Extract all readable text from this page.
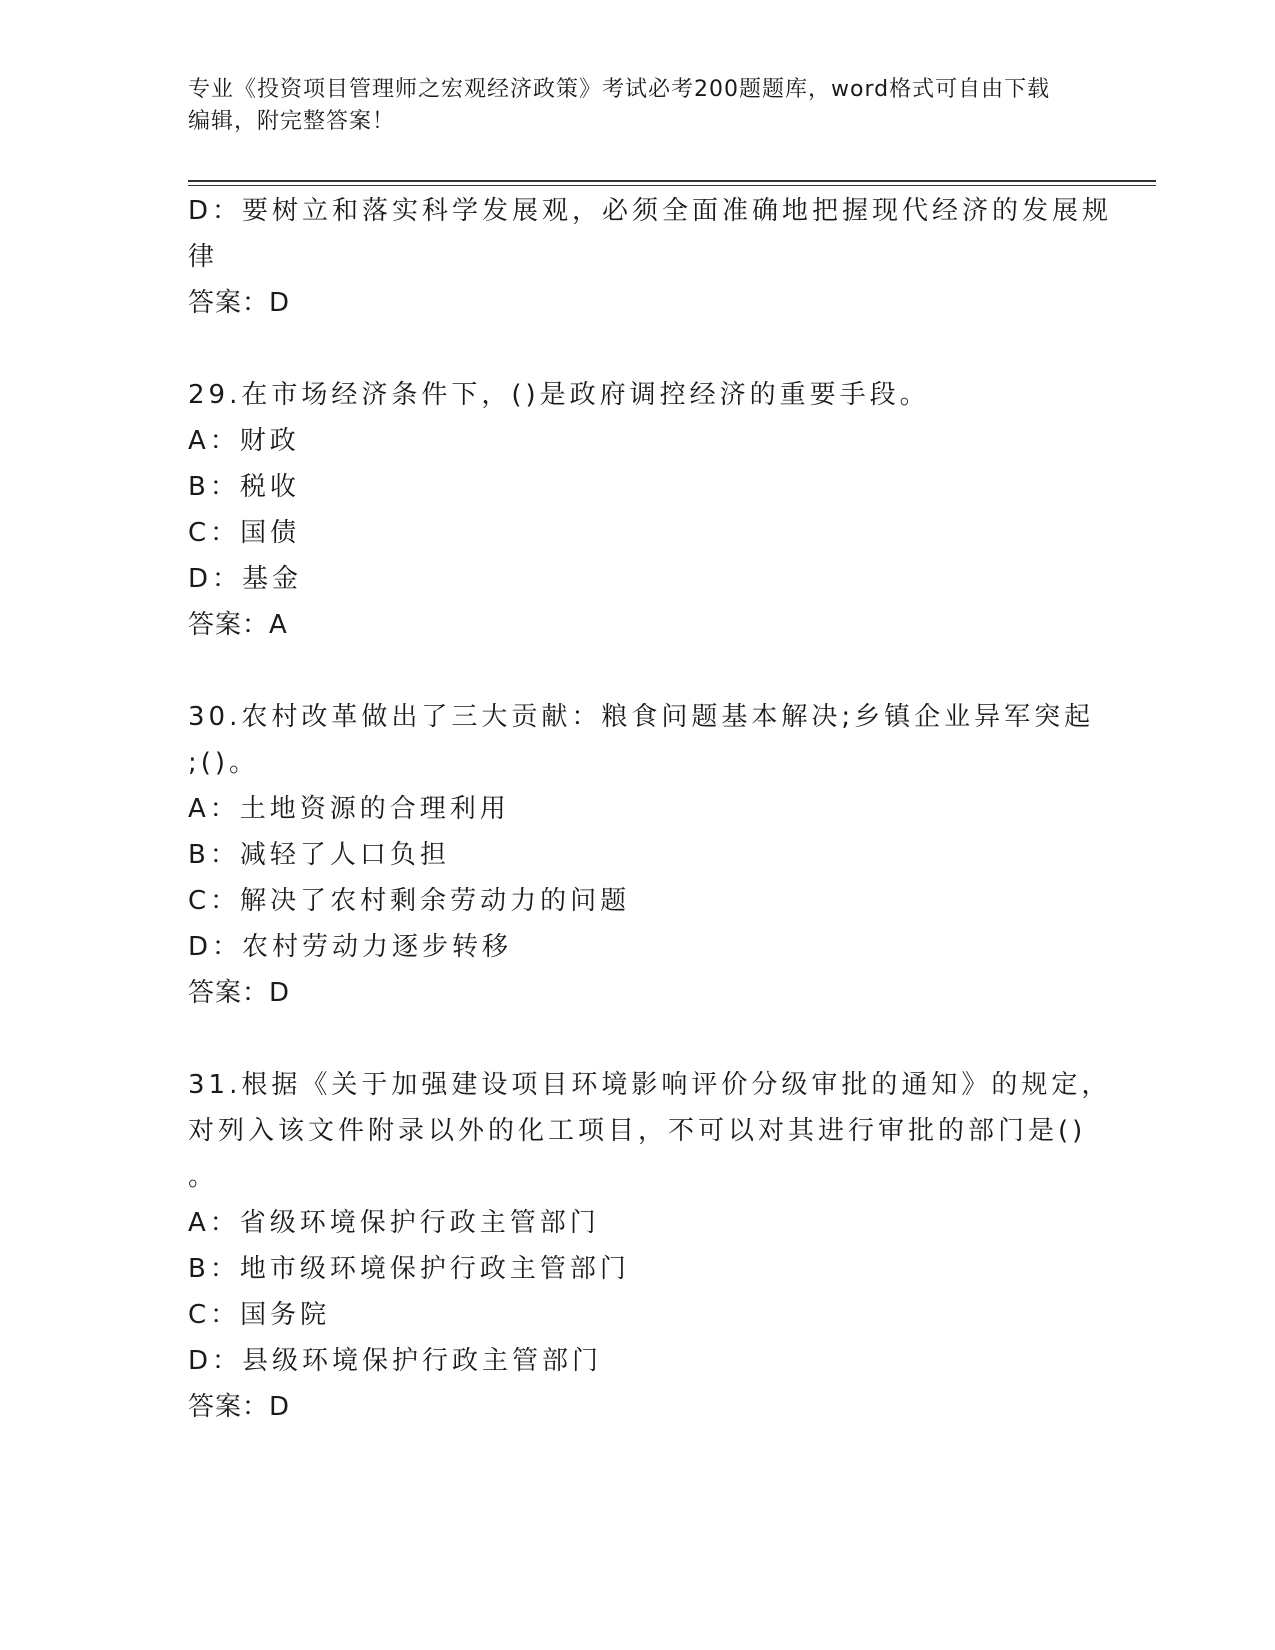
专业《投资项目管理师之宏观经济政策》考试必考200题题库，word格式可自由下载编辑，附完整答案！
D：要树立和落实科学发展观，必须全面准确地把握现代经济的发展规
律
答案：D
29.在市场经济条件下，()是政府调控经济的重要手段。
A：财政
B：税收
C：国债
D：基金
答案：A
30.农村改革做出了三大贡献：粮食问题基本解决;乡镇企业异军突起
;()。
A：土地资源的合理利用
B：减轻了人口负担
C：解决了农村剩余劳动力的问题
D：农村劳动力逐步转移
答案：D
31.根据《关于加强建设项目环境影响评价分级审批的通知》的规定，
对列入该文件附录以外的化工项目，不可以对其进行审批的部门是()
。
A：省级环境保护行政主管部门
B：地市级环境保护行政主管部门
C：国务院
D：县级环境保护行政主管部门
答案：D
